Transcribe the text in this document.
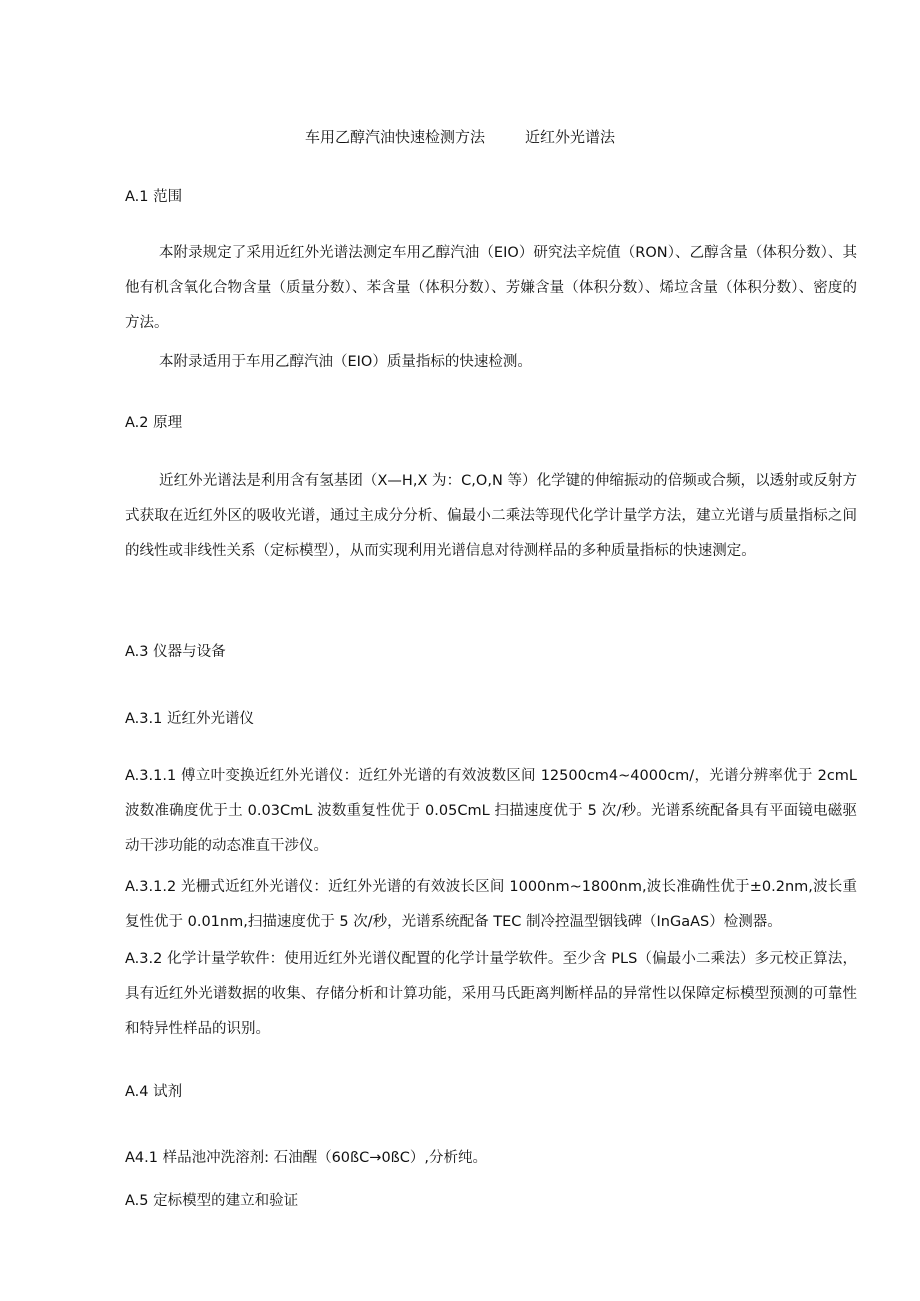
车用乙醇汽油快速检测方法	近红外光谱法
A.1 范围

本附录规定了采用近红外光谱法测定车用乙醇汽油（EIO）研究法辛烷值（RON）、乙醇含量（体积分数）、其他有机含氧化合物含量（质量分数）、苯含量（体积分数）、芳嫌含量（体积分数）、烯垃含量（体积分数）、密度的方法。

本附录适用于车用乙醇汽油（EIO）质量指标的快速检测。

A.2 原理

近红外光谱法是利用含有氢基团（X—H,X 为：C,O,N 等）化学键的伸缩振动的倍频或合频，以透射或反射方式获取在近红外区的吸收光谱，通过主成分分析、偏最小二乘法等现代化学计量学方法，建立光谱与质量指标之间的线性或非线性关系（定标模型），从而实现利用光谱信息对待测样品的多种质量指标的快速测定。

A.3 仪器与设备
A.3.1 近红外光谱仪

A.3.1.1 傅立叶变换近红外光谱仪：近红外光谱的有效波数区间 12500cm4~4000cm/，光谱分辨率优于 2cmL 波数准确度优于土 0.03CmL 波数重复性优于 0.05CmL 扫描速度优于 5 次/秒。光谱系统配备具有平面镜电磁驱动干涉功能的动态准直干涉仪。

A.3.1.2 光栅式近红外光谱仪：近红外光谱的有效波长区间 1000nm~1800nm,波长准确性优于±0.2nm,波长重复性优于 0.01nm,扫描速度优于 5 次/秒，光谱系统配备 TEC 制冷控温型铟钱碑（InGaAS）检测器。

A.3.2 化学计量学软件：使用近红外光谱仪配置的化学计量学软件。至少含 PLS（偏最小二乘法）多元校正算法，具有近红外光谱数据的收集、存储分析和计算功能，采用马氏距离判断样品的异常性以保障定标模型预测的可靠性和特异性样品的识别。

A.4 试剂
A4.1 样品池冲洗溶剂: 石油醒（60ßC→0ßC）,分析纯。
A.5 定标模型的建立和验证
